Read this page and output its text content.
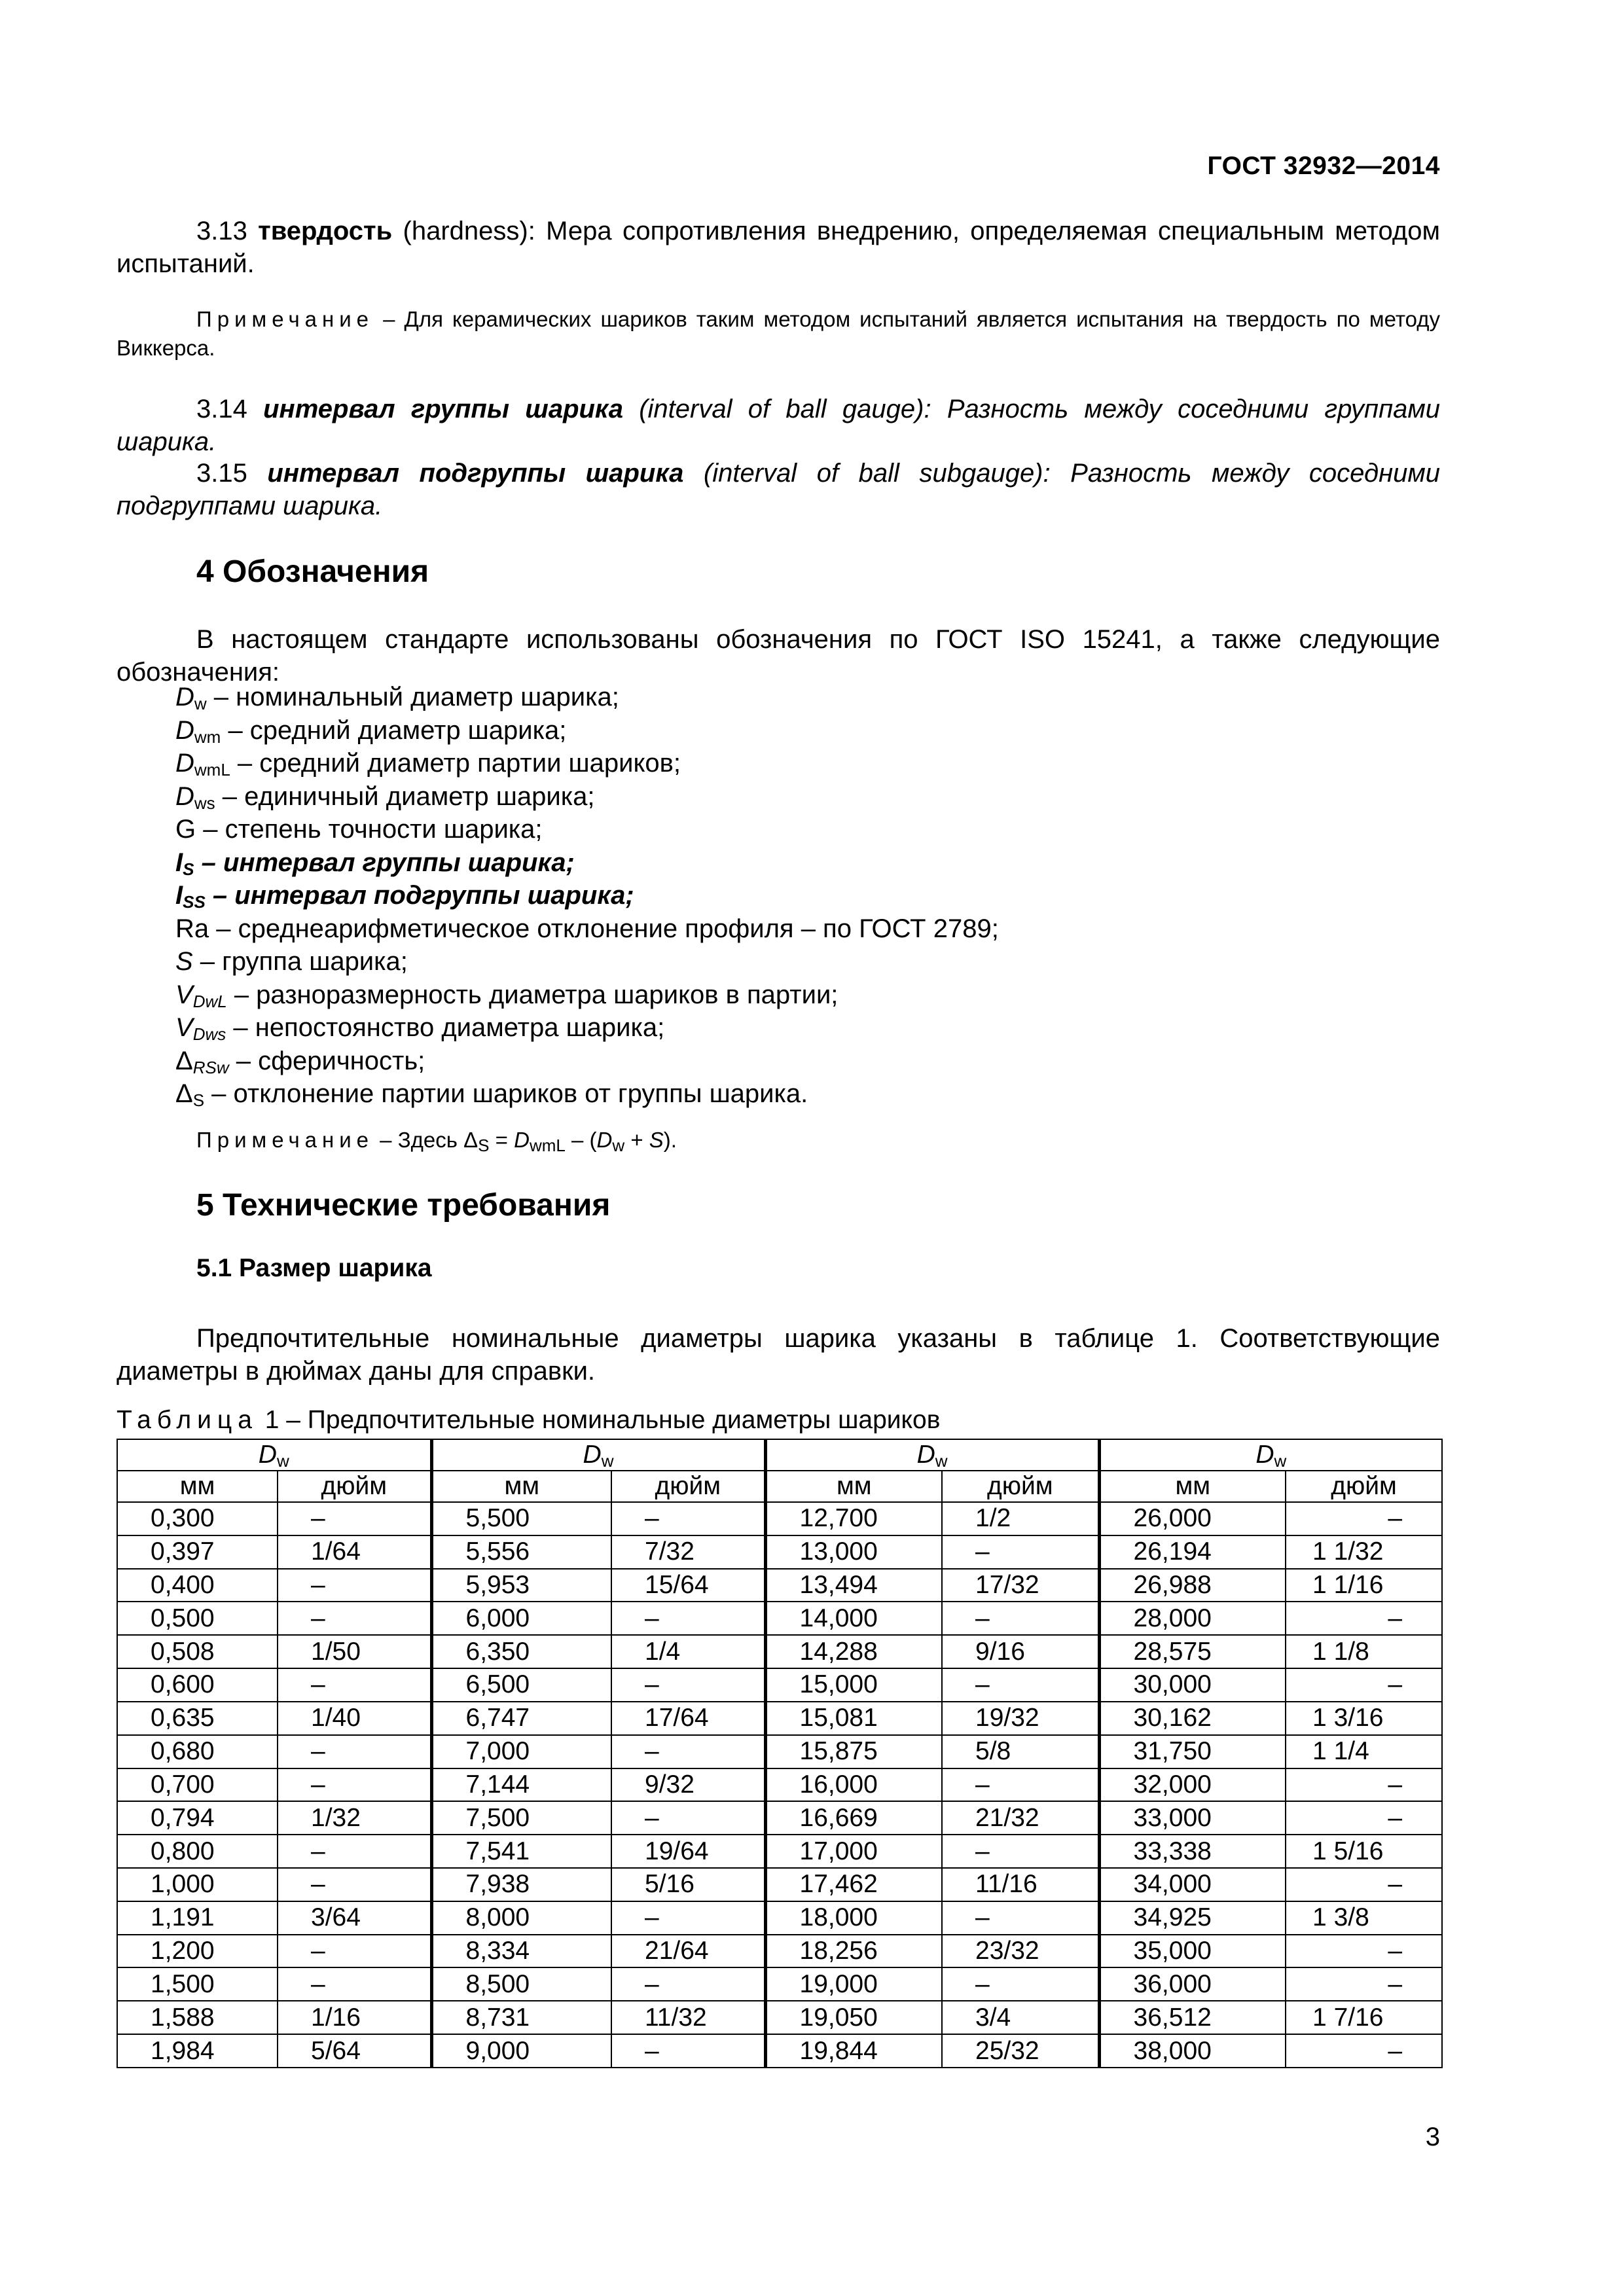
ГОСТ 32932—2014
3.13 твердость (hardness): Мера сопротивления внедрению, определяемая специальным методом испытаний.
Примечание – Для керамических шариков таким методом испытаний является испытания на твердость по методу Виккерса.
3.14 интервал группы шарика (interval of ball gauge): Разность между соседними группами шарика.
3.15 интервал подгруппы шарика (interval of ball subgauge): Разность между соседними подгруппами шарика.
4 Обозначения
В настоящем стандарте использованы обозначения по ГОСТ ISO 15241, а также следующие обозначения:
$D_w$ – номинальный диаметр шарика;
$D_{wm}$ – средний диаметр шарика;
$D_{wmL}$ – средний диаметр партии шариков;
$D_{ws}$ – единичный диаметр шарика;
G – степень точности шарика;
$I_S$ – интервал группы шарика;
$I_{SS}$ – интервал подгруппы шарика;
Ra – среднеарифметическое отклонение профиля – по ГОСТ 2789;
S – группа шарика;
$V_{DwL}$ – разноразмерность диаметра шариков в партии;
$V_{Dws}$ – непостоянство диаметра шарика;
$\Delta_{RSw}$ – сферичность;
$\Delta_S$ – отклонение партии шариков от группы шарика.
Примечание – Здесь $\Delta_S = D_{wmL} - (D_w + S)$.
5 Технические требования
5.1 Размер шарика
Предпочтительные номинальные диаметры шарика указаны в таблице 1. Соответствующие диаметры в дюймах даны для справки.
Таблица 1 – Предпочтительные номинальные диаметры шариков
$D_w$		$D_w$		$D_w$		$D_w$
мм	дюйм	мм	дюйм	мм	дюйм	мм	дюйм
0,300	–	5,500	–	12,700	1/2	26,000	–
0,397	1/64	5,556	7/32	13,000	–	26,194	1 1/32
0,400	–	5,953	15/64	13,494	17/32	26,988	1 1/16
0,500	–	6,000	–	14,000	–	28,000	–
0,508	1/50	6,350	1/4	14,288	9/16	28,575	1 1/8
0,600	–	6,500	–	15,000	–	30,000	–
0,635	1/40	6,747	17/64	15,081	19/32	30,162	1 3/16
0,680	–	7,000	–	15,875	5/8	31,750	1 1/4
0,700	–	7,144	9/32	16,000	–	32,000	–
0,794	1/32	7,500	–	16,669	21/32	33,000	–
0,800	–	7,541	19/64	17,000	–	33,338	1 5/16
1,000	–	7,938	5/16	17,462	11/16	34,000	–
1,191	3/64	8,000	–	18,000	–	34,925	1 3/8
1,200	–	8,334	21/64	18,256	23/32	35,000	–
1,500	–	8,500	–	19,000	–	36,000	–
1,588	1/16	8,731	11/32	19,050	3/4	36,512	1 7/16
1,984	5/64	9,000	–	19,844	25/32	38,000	–
3
